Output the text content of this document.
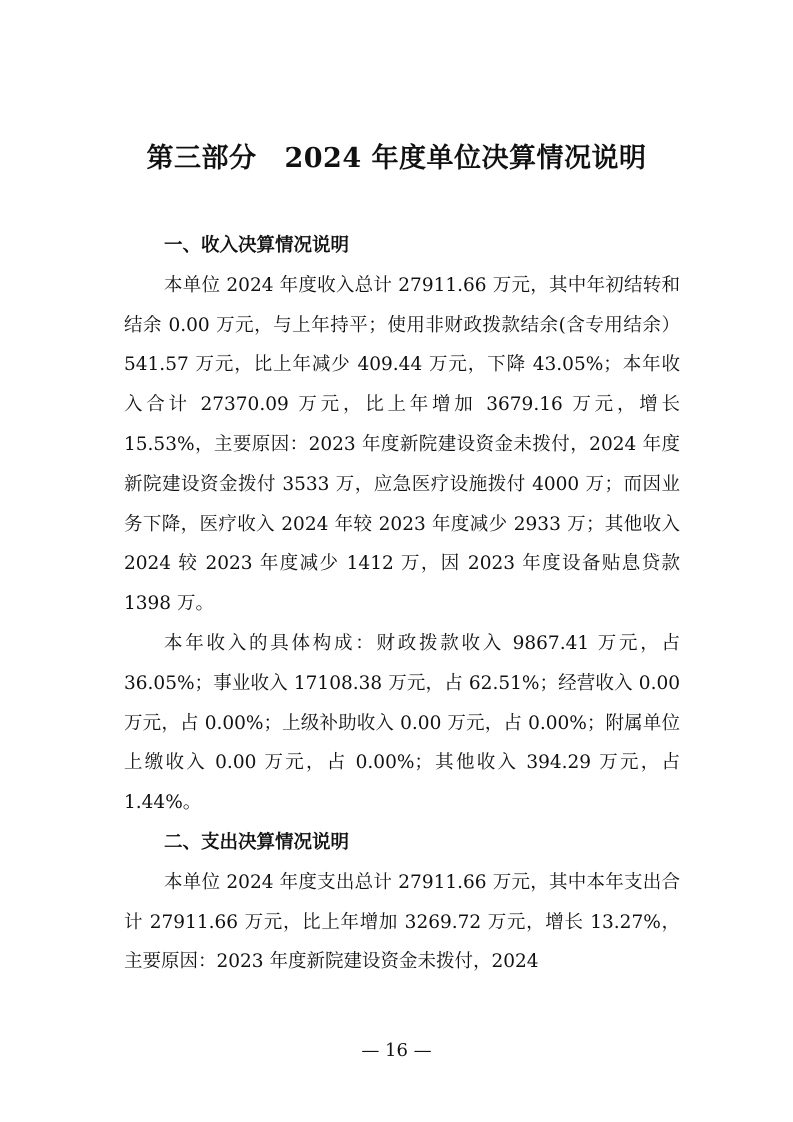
第三部分 2024 年度单位决算情况说明
一、收入决算情况说明

本单位 2024 年度收入总计 27911.66 万元，其中年初结转和结余 0.00 万元，与上年持平；使用非财政拨款结余(含专用结余）541.57 万元，比上年减少 409.44 万元，下降 43.05%；本年收入合计 27370.09 万元，比上年增加 3679.16 万元，增长 15.53%，主要原因：2023 年度新院建设资金未拨付，2024 年度新院建设资金拨付 3533 万，应急医疗设施拨付 4000 万；而因业务下降，医疗收入 2024 年较 2023 年度减少 2933 万；其他收入 2024 较 2023 年度减少 1412 万，因 2023 年度设备贴息贷款 1398 万。

本年收入的具体构成：财政拨款收入 9867.41 万元，占 36.05%；事业收入 17108.38 万元，占 62.51%；经营收入 0.00 万元，占 0.00%；上级补助收入 0.00 万元，占 0.00%；附属单位上缴收入 0.00 万元，占 0.00%；其他收入 394.29 万元，占 1.44%。

二、支出决算情况说明

本单位 2024 年度支出总计 27911.66 万元，其中本年支出合计 27911.66 万元，比上年增加 3269.72 万元，增长 13.27%，主要原因：2023 年度新院建设资金未拨付，2024

— 16 —
